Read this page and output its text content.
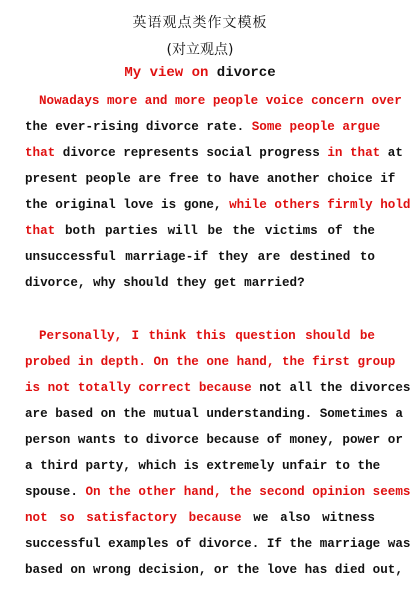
英语观点类作文模板
(对立观点)
My view on divorce
Nowadays more and more people voice concern over
the ever-rising divorce rate. Some people argue
that divorce represents social progress in that at
present people are free to have another choice if
the original love is gone, while others firmly hold
that both parties will be the victims of the
unsuccessful marriage-if they are destined to
divorce, why should they get married?
Personally, I think this question should be
probed in depth. On the one hand, the first group
is not totally correct because not all the divorces
are based on the mutual understanding. Sometimes a
person wants to divorce because of money, power or
a third party, which is extremely unfair to the
spouse. On the other hand, the second opinion seems
not so satisfactory because we also witness
successful examples of divorce. If the marriage was
based on wrong decision, or the love has died out,
